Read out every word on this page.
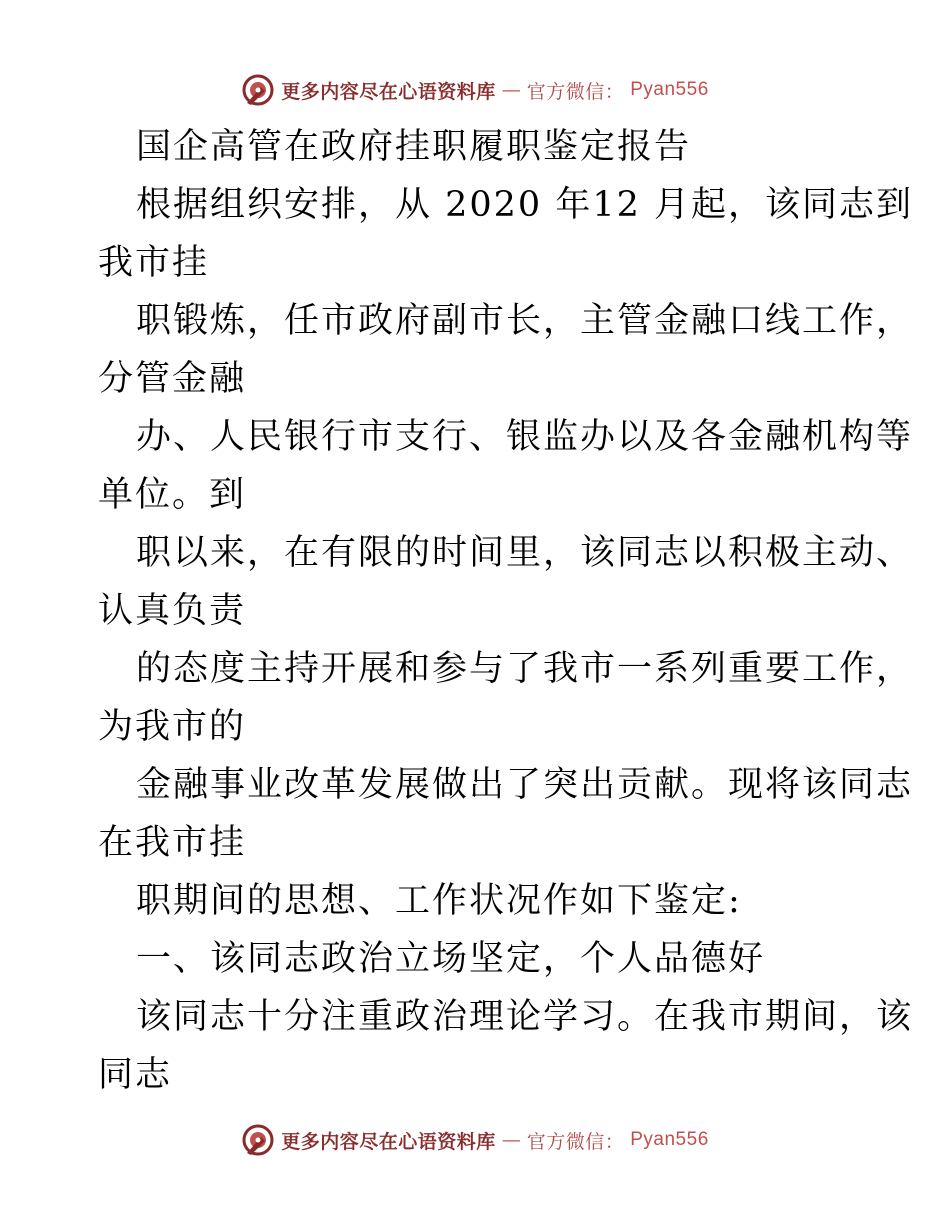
更多内容尽在心语资料库 — 官方微信： Pyan556
国企高管在政府挂职履职鉴定报告
根据组织安排，从 2020 年12 月起，该同志到
我市挂
职锻炼，任市政府副市长，主管金融口线工作，
分管金融
办、人民银行市支行、银监办以及各金融机构等
单位。到
职以来，在有限的时间里，该同志以积极主动、
认真负责
的态度主持开展和参与了我市一系列重要工作，
为我市的
金融事业改革发展做出了突出贡献。现将该同志
在我市挂
职期间的思想、工作状况作如下鉴定:
一、该同志政治立场坚定，个人品德好
该同志十分注重政治理论学习。在我市期间，该
同志
更多内容尽在心语资料库 — 官方微信： Pyan556
